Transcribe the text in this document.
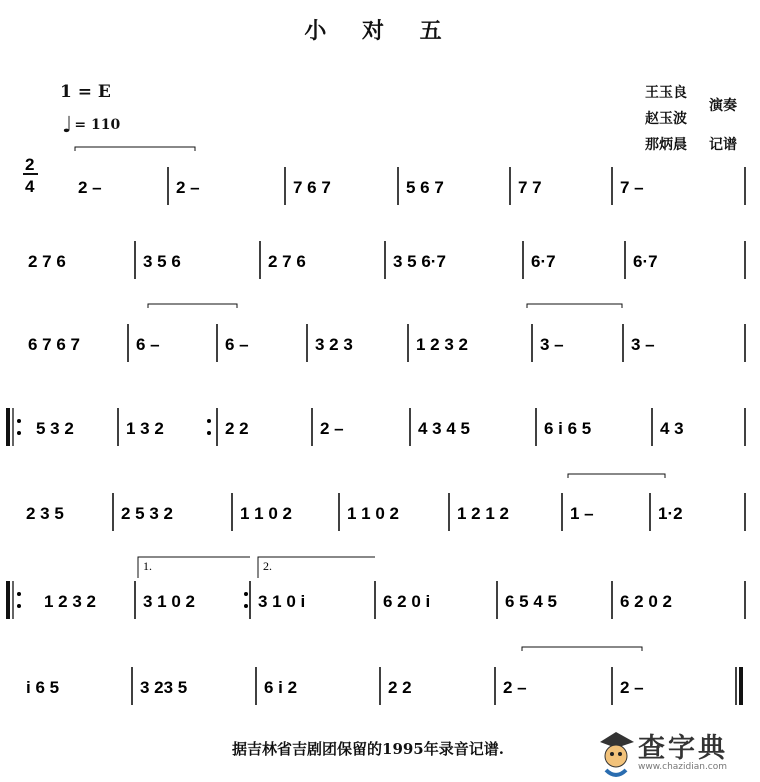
小 对 五
1 = E
♩ = 110
王玉良
赵玉波
那炳晨
演奏
记谱
2
4	2 –	2 –	7 6 7	5 6 7	7 7	7 –
2 7 6	3 5 6	2 7 6	3 5 6·7	6·7	6·7
6 7 6 7	6 –	6 –	3 2 3	1 2 3 2	3 –	3 –
5 3 2	1 3 2	2 2	2 –	4 3 4 5	6 i 6 5	4 3
2 3 5	2 5 3 2	1 1 0 2	1 1 0 2	1 2 1 2	1 –	1·2
1 2 3 2	3 1 0 2	3 1 0 i	6 2 0 i	6 5 4 5	6 2 0 2
i 6 5	3 23 5	6 i 2	2 2	2 –	2 –
1.	2.
据吉林省吉剧团保留的1995年录音记谱.	查字典
www.chazidian.com
